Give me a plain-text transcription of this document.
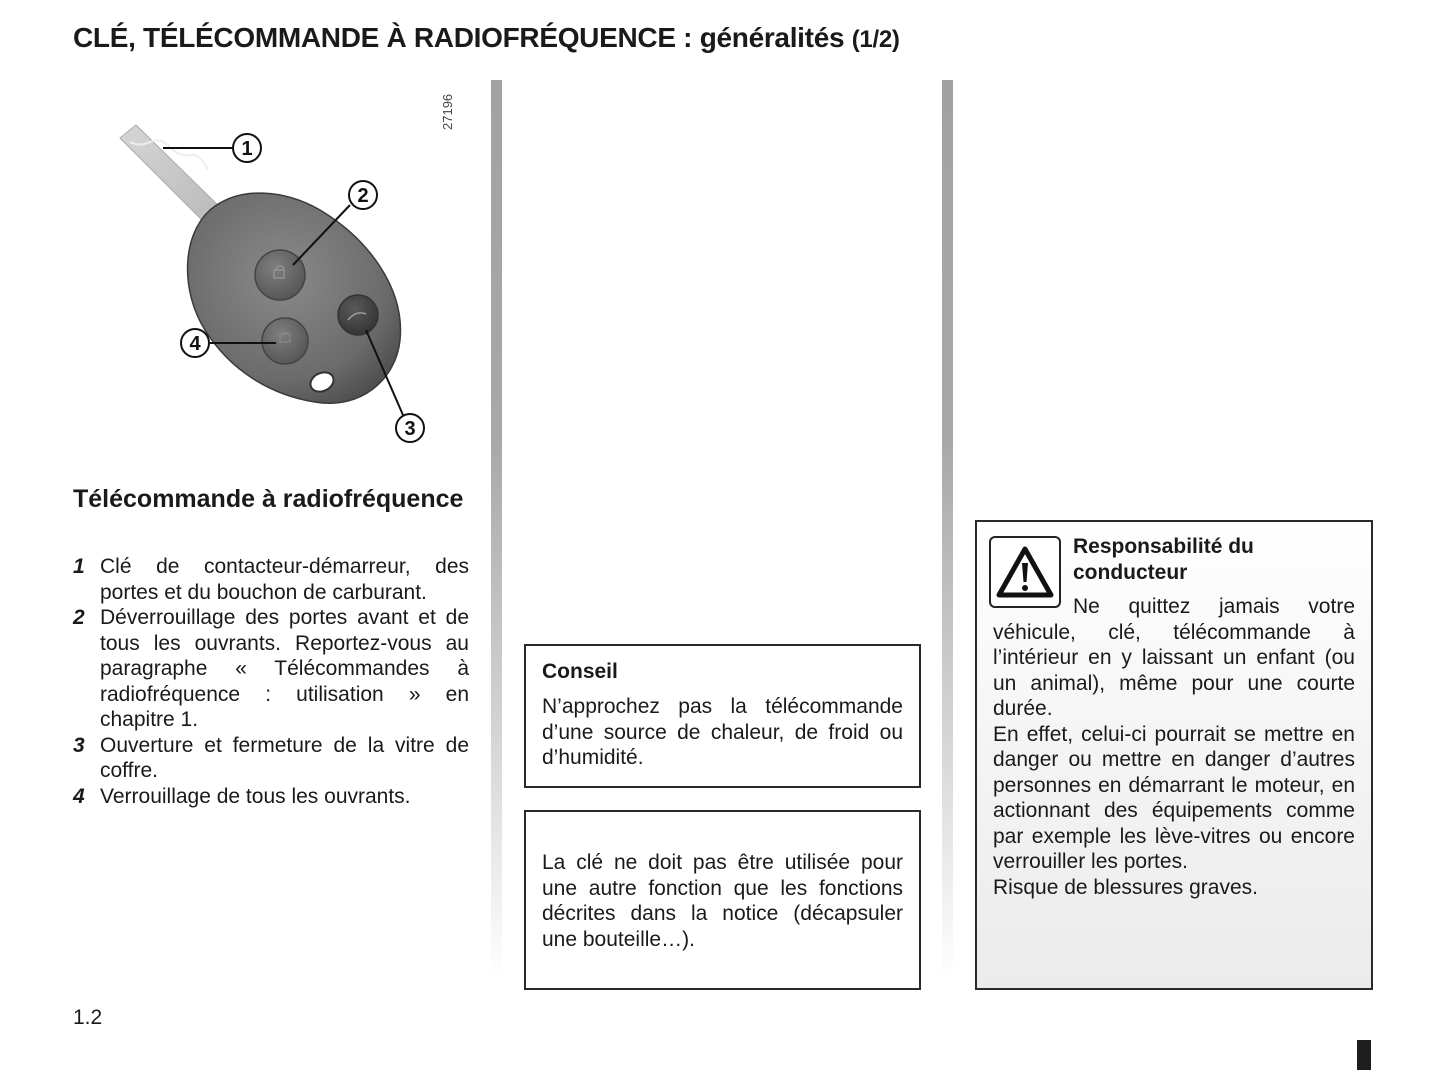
CLÉ, TÉLÉCOMMANDE À RADIOFRÉQUENCE : généralités (1/2)
1
2
3
4
27196
Télécommande à radiofréquence
1 Clé de contacteur-démarreur, des portes et du bouchon de carburant.
2 Déverrouillage des portes avant et de tous les ouvrants. Reportez-vous au paragraphe « Télécommandes à radiofréquence : utilisation » en chapitre 1.
3 Ouverture et fermeture de la vitre de coffre.
4 Verrouillage de tous les ouvrants.
Conseil
N’approchez pas la télécommande d’une source de chaleur, de froid ou d’humidité.
La clé ne doit pas être utilisée pour une autre fonction que les fonctions décrites dans la notice (décapsuler une bouteille…).
Responsabilité du conducteur

Ne quittez jamais votre véhicule, clé, télécommande à l’intérieur en y laissant un enfant (ou un animal), même pour une courte durée.

En effet, celui-ci pourrait se mettre en danger ou mettre en danger d’autres personnes en démarrant le moteur, en actionnant des équipements comme par exemple les lève-vitres ou encore verrouiller les portes.

Risque de blessures graves.

1.2
